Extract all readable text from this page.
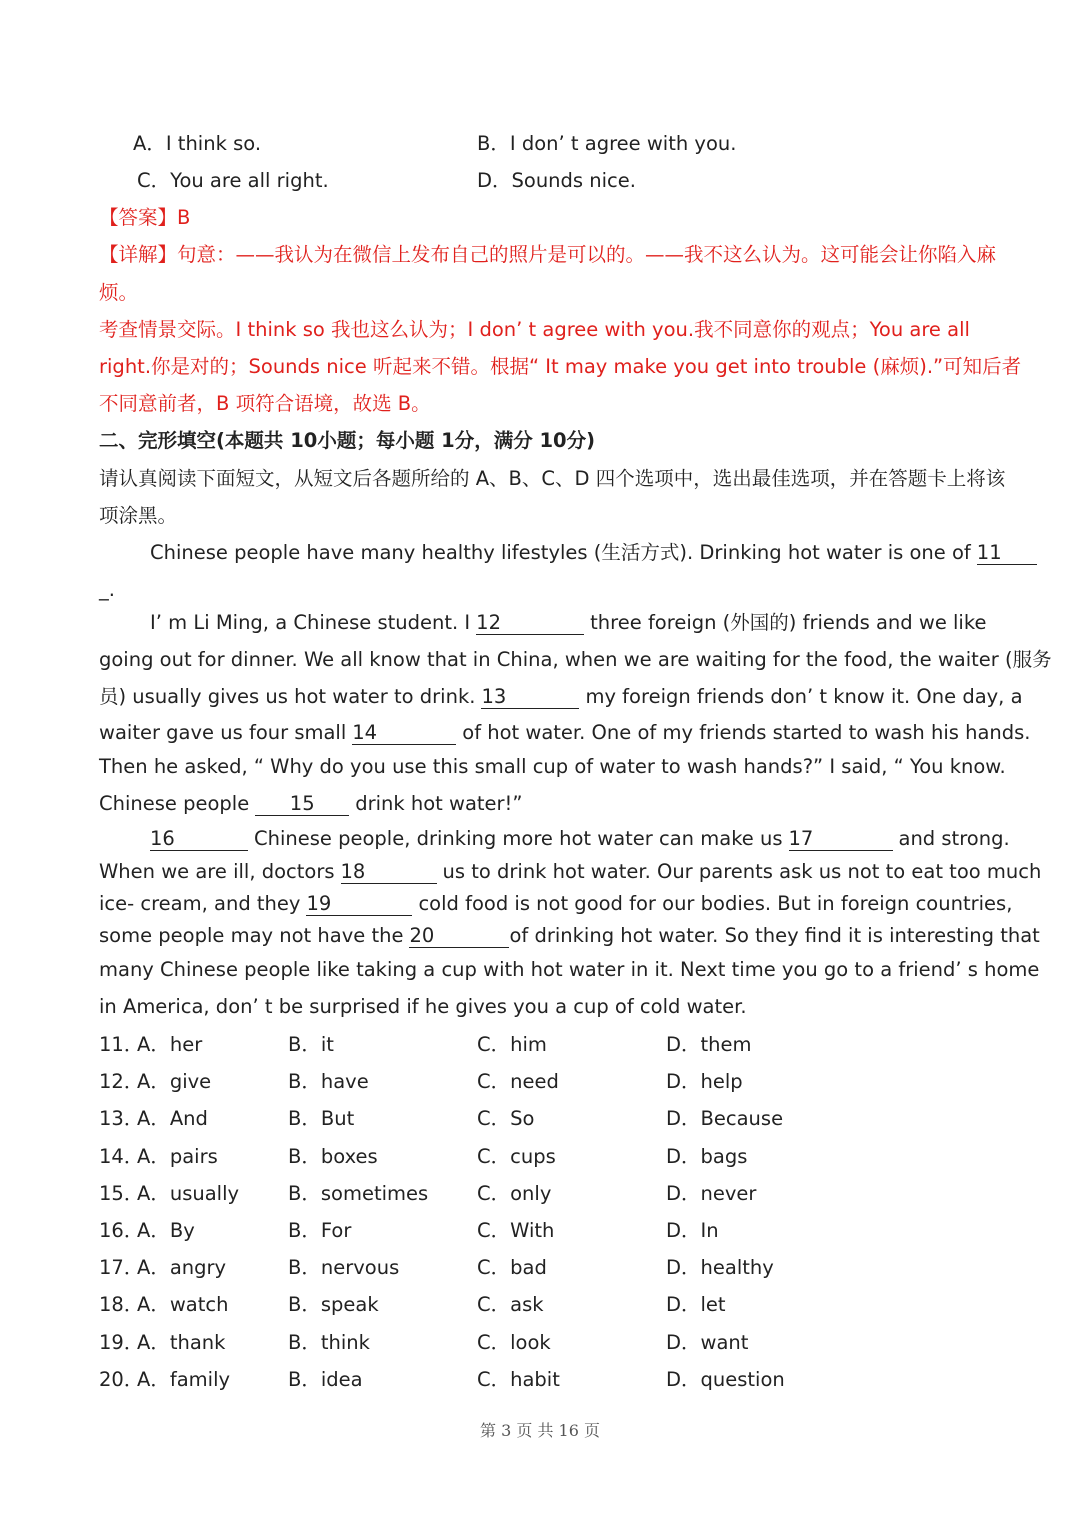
A．I think so.	B．I don’ t agree with you.
C．You are all right.	D．Sounds nice.
【答案】B
【详解】句意：——我认为在微信上发布自己的照片是可以的。——我不这么认为。这可能会让你陷入麻
烦。
考查情景交际。I think so 我也这么认为；I don’ t agree with you.我不同意你的观点；You are all
right.你是对的；Sounds nice 听起来不错。根据“ It may make you get into trouble (麻烦).”可知后者
不同意前者，B 项符合语境，故选 B。
二、完形填空(本题共 10小题；每小题 1分，满分 10分)
请认真阅读下面短文，从短文后各题所给的 A、B、C、D 四个选项中，选出最佳选项，并在答题卡上将该
项涂黑。
Chinese people have many healthy lifestyles (生活方式). Drinking hot water is one of 11
_.
I’ m Li Ming, a Chinese student. I 12	three foreign (外国的) friends and we like
going out for dinner. We all know that in China, when we are waiting for the food, the waiter (服务
员) usually gives us hot water to drink. 13	my foreign friends don’ t know it. One day, a
waiter gave us four small 14	of hot water. One of my friends started to wash his hands.
Then he asked, “ Why do you use this small cup of water to wash hands?” I said, “ You know.
Chinese people 15 drink hot water!”
16	Chinese people, drinking more hot water can make us 17	and strong.
When we are ill, doctors 18	us to drink hot water. Our parents ask us not to eat too much
ice- cream, and they 19	cold food is not good for our bodies. But in foreign countries,
some people may not have the 20	of drinking hot water. So they find it is interesting that
many Chinese people like taking a cup with hot water in it. Next time you go to a friend’ s home
in America, don’ t be surprised if he gives you a cup of cold water.
11．
A．her	B．it	C．him	D．them
12．
A．give	B．have	C．need	D．help
13．
A．And	B．But	C．So	D．Because
14．
A．pairs	B．boxes	C．cups	D．bags
15．
A．usually	B．sometimes	C．only	D．never
16．
A．By	B．For	C．With	D．In
17．
A．angry	B．nervous	C．bad	D．healthy
18．
A．watch	B．speak	C．ask	D．let
19．
A．thank	B．think	C．look	D．want
20．
A．family	B．idea	C．habit	D．question
第 3 页 共 16 页
